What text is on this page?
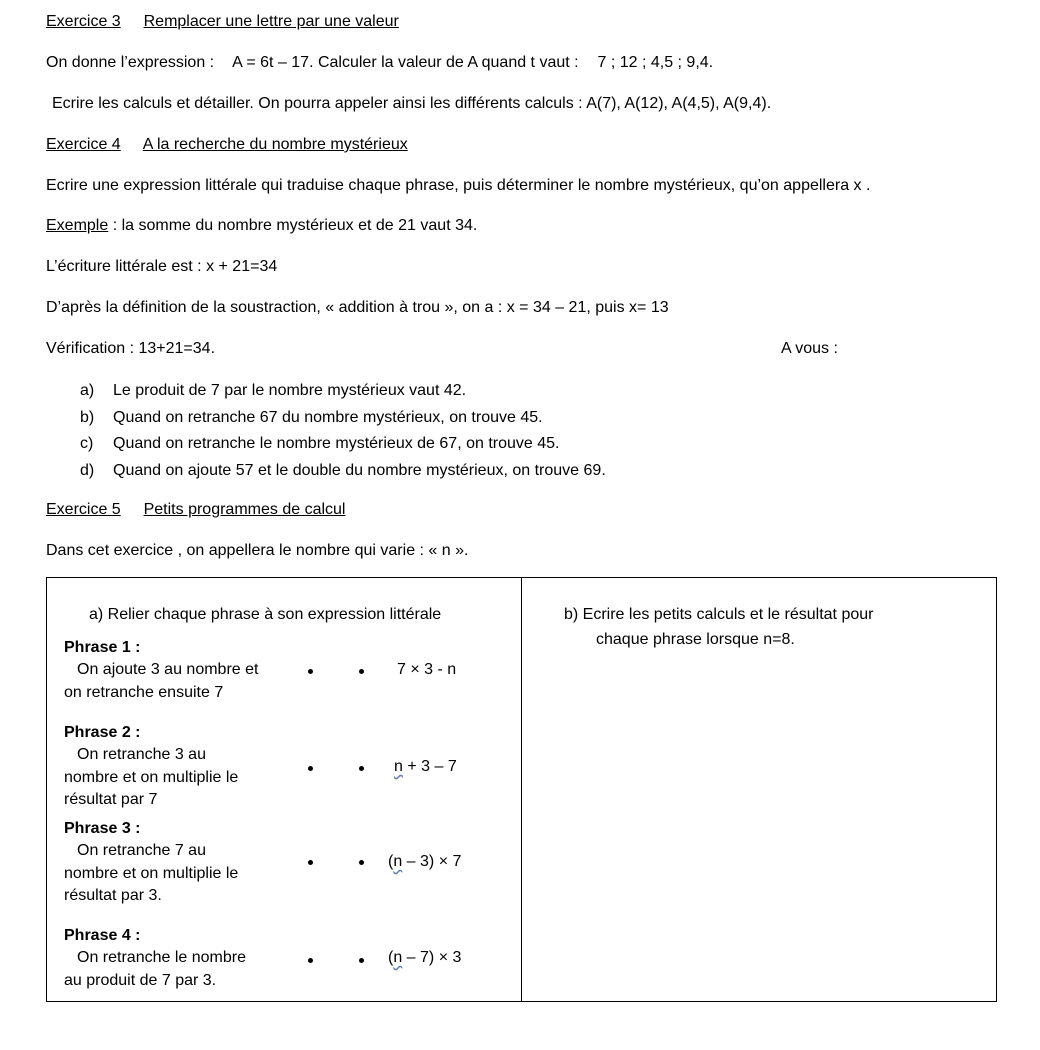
Exercice 3 Remplacer une lettre par une valeur
On donne l’expression : A = 6t – 17. Calculer la valeur de A quand t vaut : 7 ; 12 ; 4,5 ; 9,4.
Ecrire les calculs et détailler. On pourra appeler ainsi les différents calculs : A(7), A(12), A(4,5), A(9,4).
Exercice 4 A la recherche du nombre mystérieux
Ecrire une expression littérale qui traduise chaque phrase, puis déterminer le nombre mystérieux, qu’on appellera x .
Exemple : la somme du nombre mystérieux et de 21 vaut 34.
L’écriture littérale est : x + 21=34
D’après la définition de la soustraction, « addition à trou », on a : x = 34 – 21, puis x= 13
Vérification : 13+21=34.	A vous :
a) Le produit de 7 par le nombre mystérieux vaut 42.
b) Quand on retranche 67 du nombre mystérieux, on trouve 45.
c) Quand on retranche le nombre mystérieux de 67, on trouve 45.
d) Quand on ajoute 57 et le double du nombre mystérieux, on trouve 69.
Exercice 5 Petits programmes de calcul
Dans cet exercice , on appellera le nombre qui varie : « n ».
a) Relier chaque phrase à son expression littérale
Phrase 1 :
On ajoute 3 au nombre et
on retranche ensuite 7
7 × 3 - n
Phrase 2 :
On retranche 3 au
nombre et on multiplie le
résultat par 7
n + 3 – 7
Phrase 3 :
On retranche 7 au
nombre et on multiplie le
résultat par 3.
(n – 3) × 7
Phrase 4 :
On retranche le nombre
au produit de 7 par 3.
(n – 7) × 3

b) Ecrire les petits calculs et le résultat pour
chaque phrase lorsque n=8.
